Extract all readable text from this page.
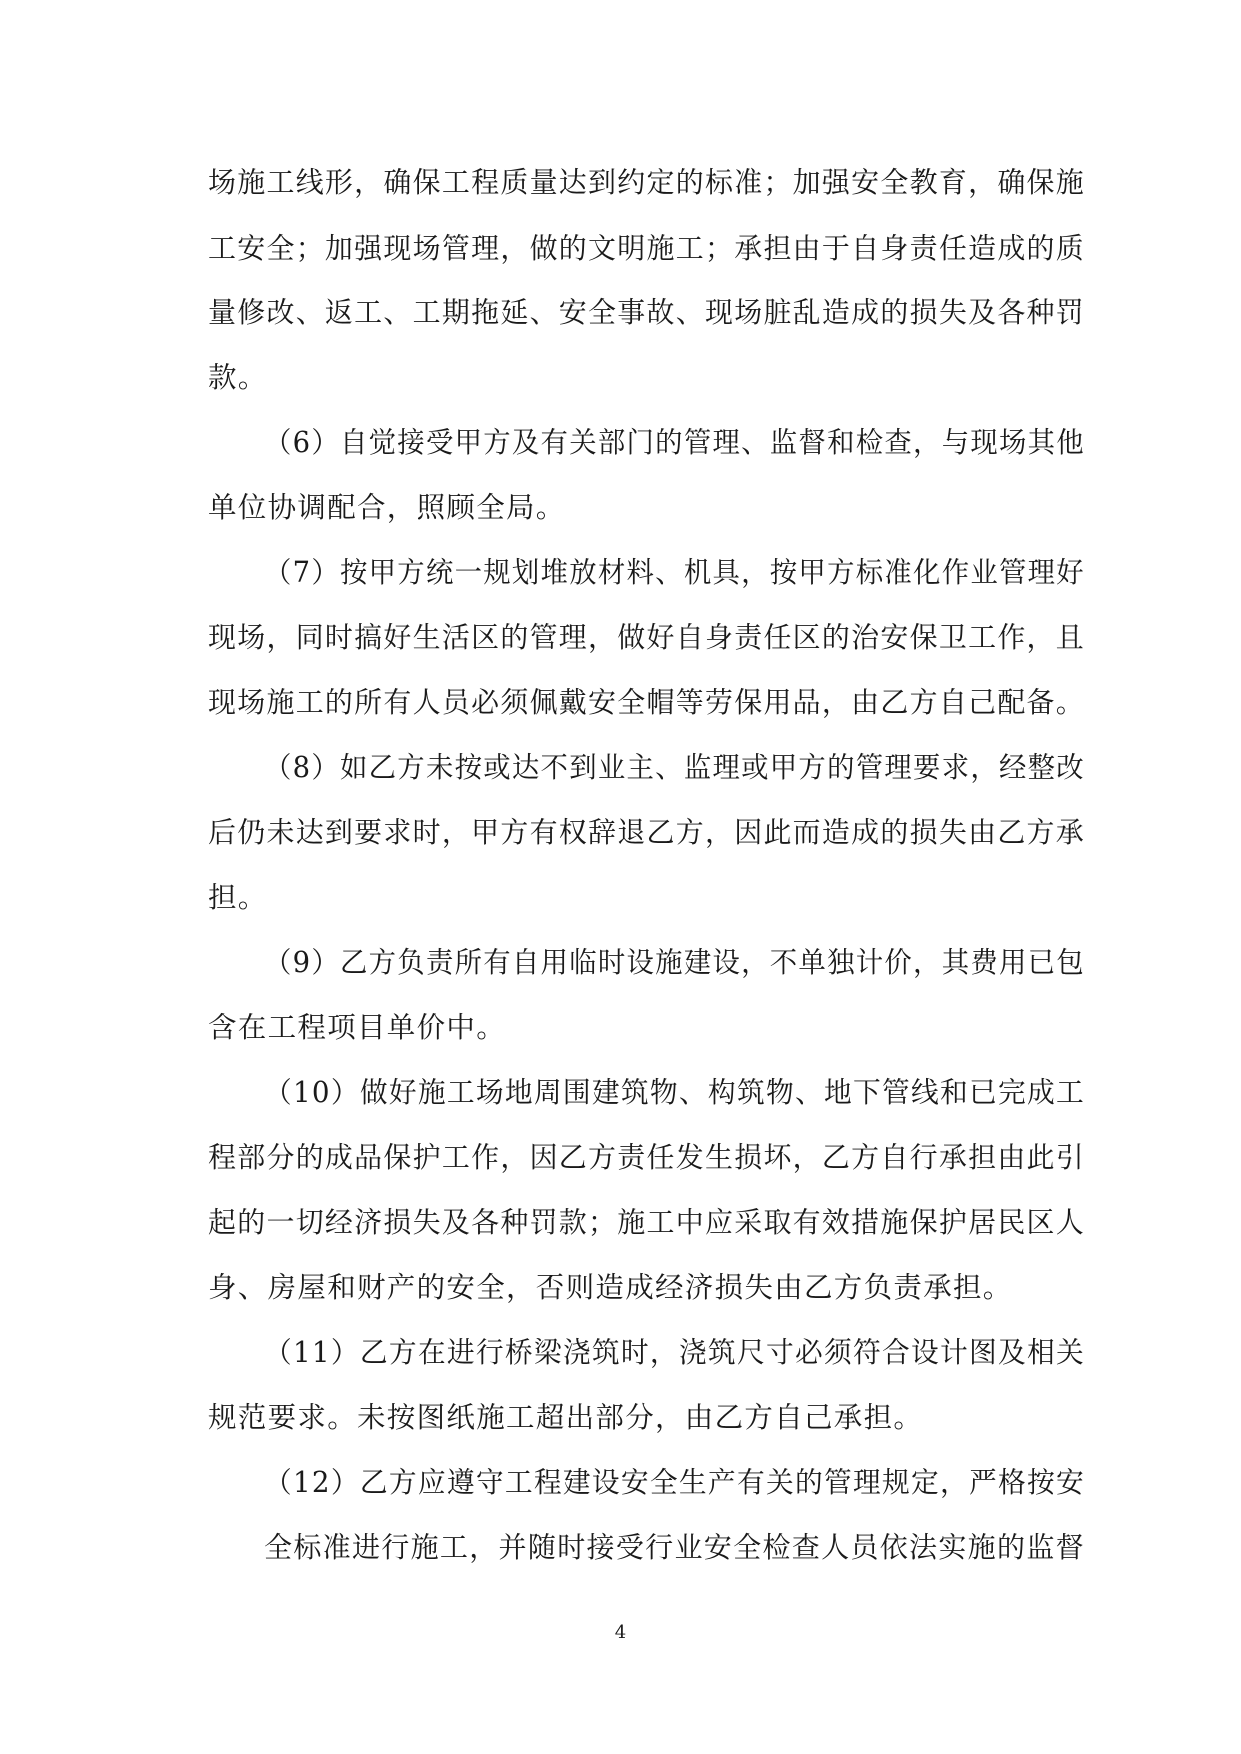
场施工线形，确保工程质量达到约定的标准；加强安全教育，确保施
工安全；加强现场管理，做的文明施工；承担由于自身责任造成的质
量修改、返工、工期拖延、安全事故、现场脏乱造成的损失及各种罚
款。
（6）自觉接受甲方及有关部门的管理、监督和检查，与现场其他
单位协调配合，照顾全局。
（7）按甲方统一规划堆放材料、机具，按甲方标准化作业管理好
现场，同时搞好生活区的管理，做好自身责任区的治安保卫工作，且
现场施工的所有人员必须佩戴安全帽等劳保用品，由乙方自己配备。
（8）如乙方未按或达不到业主、监理或甲方的管理要求，经整改
后仍未达到要求时，甲方有权辞退乙方，因此而造成的损失由乙方承
担。
（9）乙方负责所有自用临时设施建设，不单独计价，其费用已包
含在工程项目单价中。
（10）做好施工场地周围建筑物、构筑物、地下管线和已完成工
程部分的成品保护工作，因乙方责任发生损坏，乙方自行承担由此引
起的一切经济损失及各种罚款；施工中应采取有效措施保护居民区人
身、房屋和财产的安全，否则造成经济损失由乙方负责承担。
（11）乙方在进行桥梁浇筑时，浇筑尺寸必须符合设计图及相关
规范要求。未按图纸施工超出部分，由乙方自己承担。
（12）乙方应遵守工程建设安全生产有关的管理规定，严格按安
全标准进行施工，并随时接受行业安全检查人员依法实施的监督
4
